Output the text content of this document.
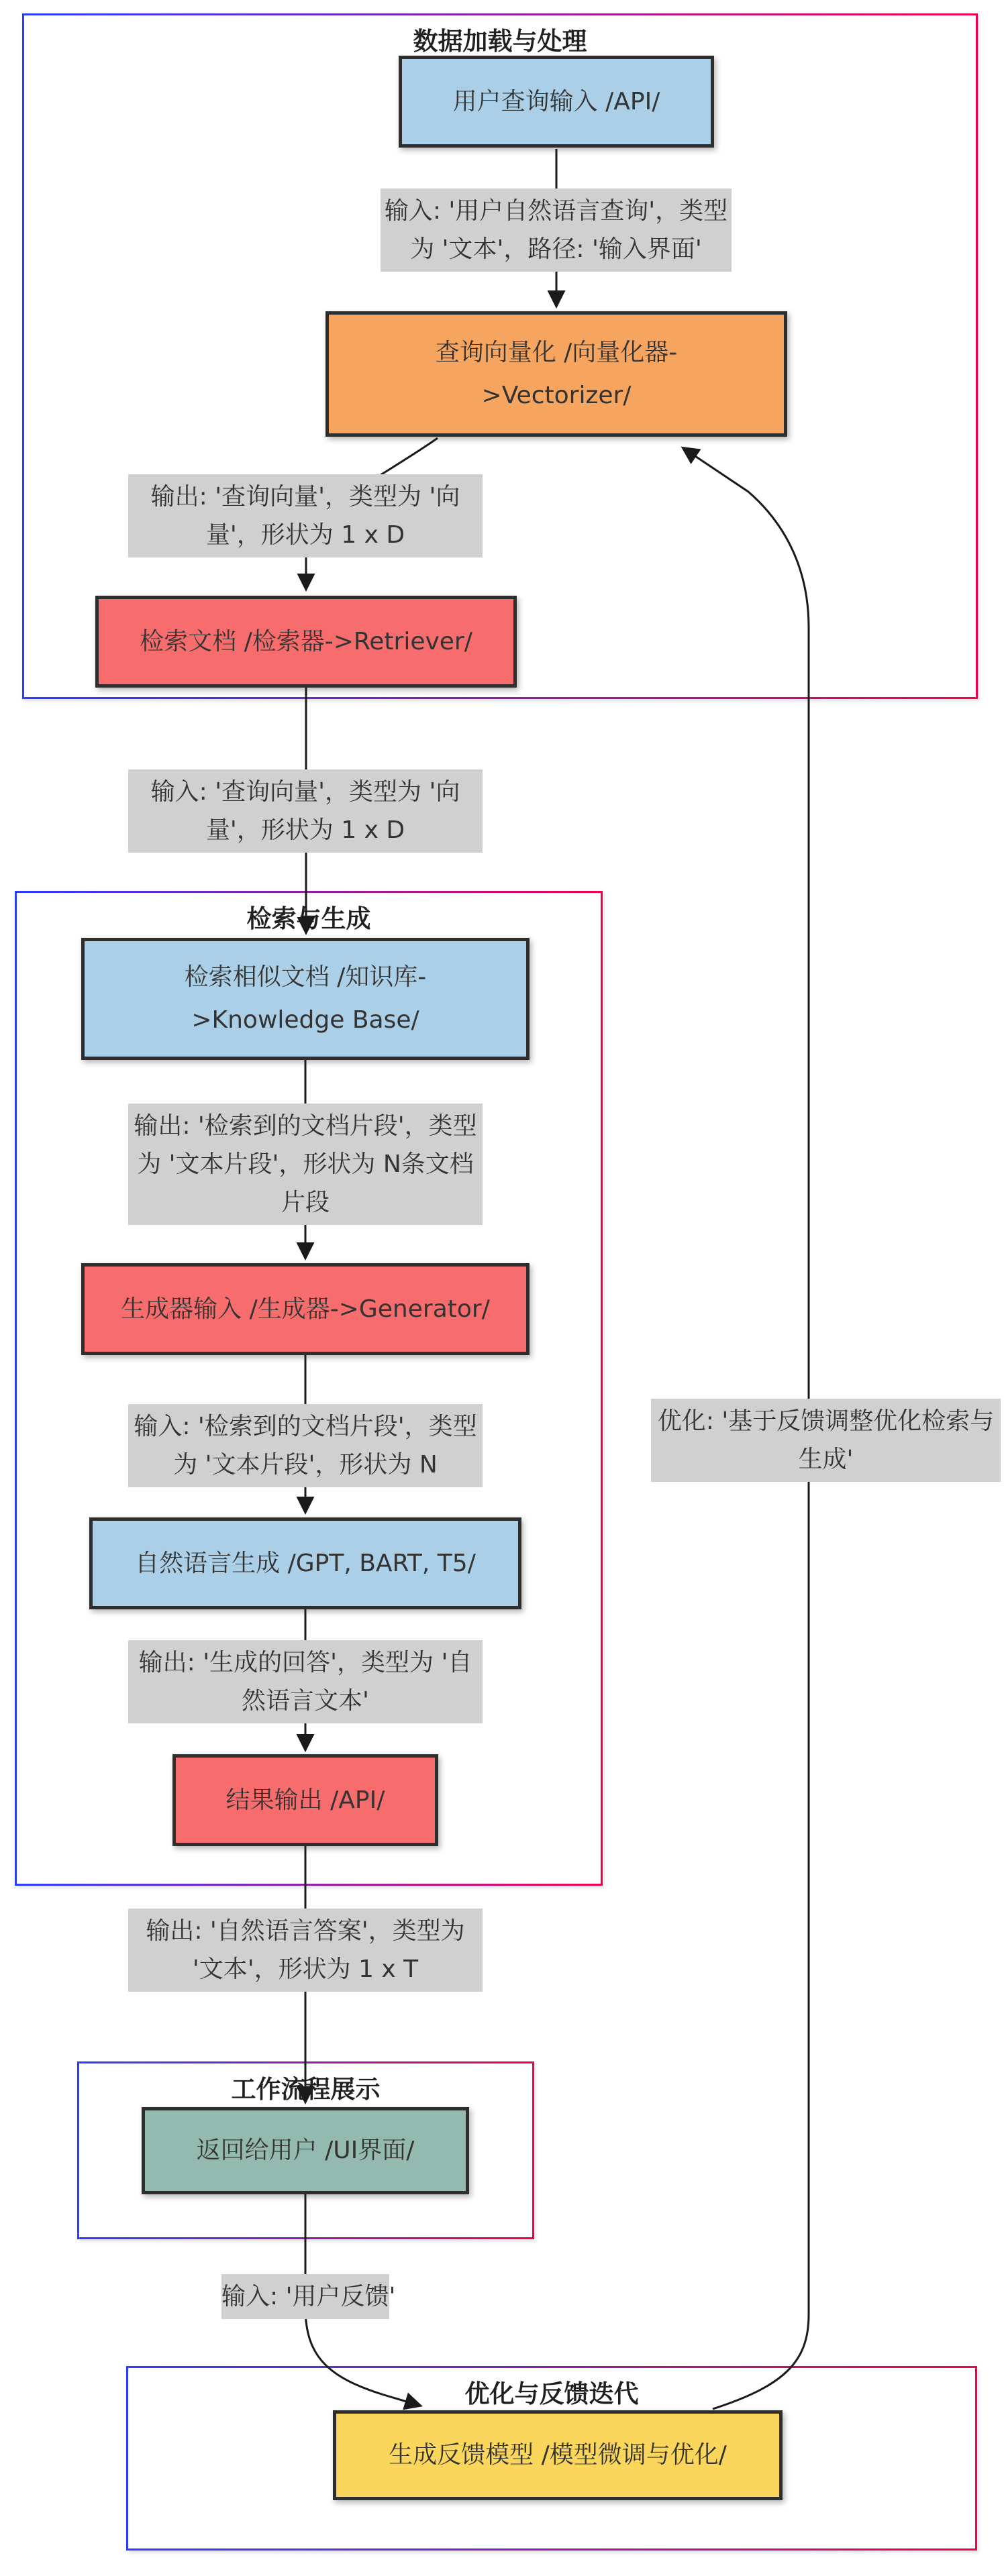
数据加载与处理
检索与生成
工作流程展示
优化与反馈迭代
用户查询输入 /API/
查询向量化 /向量化器-
>Vectorizer/
检索文档 /检索器->Retriever/
检索相似文档 /知识库-
>Knowledge Base/
生成器输入 /生成器->Generator/
自然语言生成 /GPT, BART, T5/
结果输出 /API/
返回给用户 /UI界面/
生成反馈模型 /模型微调与优化/
输入: '用户自然语言查询'，类型
为 '文本'，路径: '输入界面'
输出: '查询向量'，类型为 '向
量'，形状为 1 x D
输入: '查询向量'，类型为 '向
量'，形状为 1 x D
输出: '检索到的文档片段'，类型
为 '文本片段'，形状为 N条文档
片段
输入: '检索到的文档片段'，类型
为 '文本片段'，形状为 N
输出: '生成的回答'，类型为 '自
然语言文本'
输出: '自然语言答案'，类型为
'文本'，形状为 1 x T
输入: '用户反馈'
优化: '基于反馈调整优化检索与
生成'
